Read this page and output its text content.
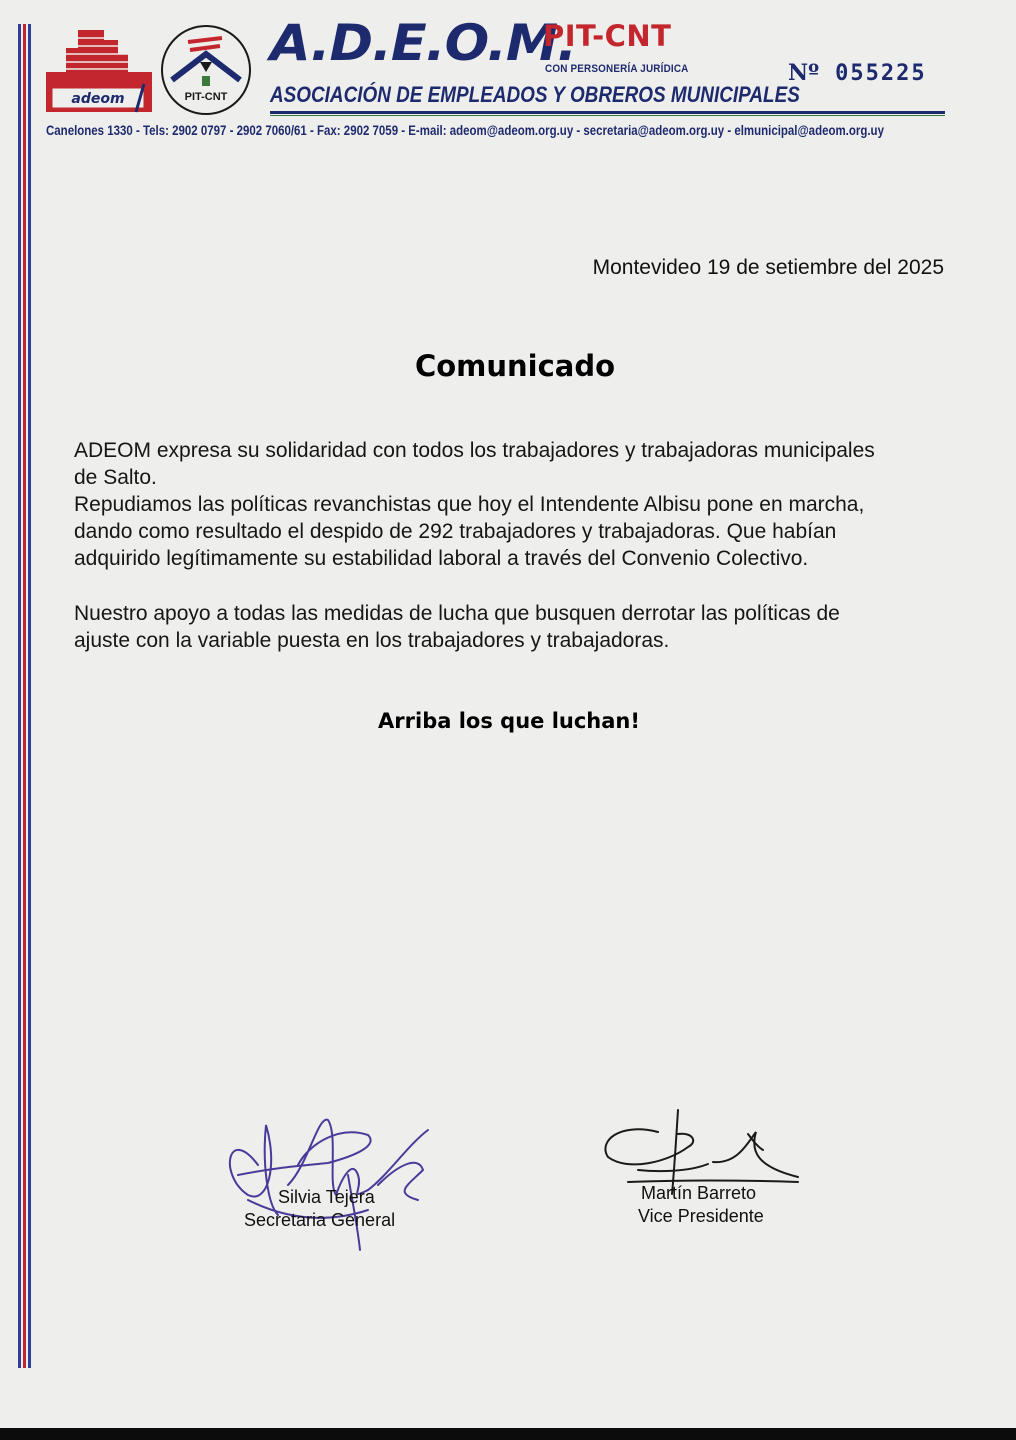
adeom	PIT-CNT
A.D.E.O.M.
PIT-CNT
CON PERSONERÍA JURÍDICA
ASOCIACIÓN DE EMPLEADOS Y OBREROS MUNICIPALES
Nº 055225
Canelones 1330 - Tels: 2902 0797 - 2902 7060/61 - Fax: 2902 7059 - E-mail: adeom@adeom.org.uy - secretaria@adeom.org.uy - elmunicipal@adeom.org.uy
Montevideo 19 de setiembre del 2025
Comunicado
ADEOM expresa su solidaridad con todos los trabajadores y trabajadoras municipales
de Salto.
Repudiamos las políticas revanchistas que hoy el Intendente Albisu pone en marcha,
dando como resultado el despido de 292 trabajadores y trabajadoras. Que habían
adquirido legítimamente su estabilidad laboral a través del Convenio Colectivo.
Nuestro apoyo a todas las medidas de lucha que busquen derrotar las políticas de
ajuste con la variable puesta en los trabajadores y trabajadoras.
Arriba los que luchan!
Silvia Tejera
Secretaria General
Martín Barreto
Vice Presidente
